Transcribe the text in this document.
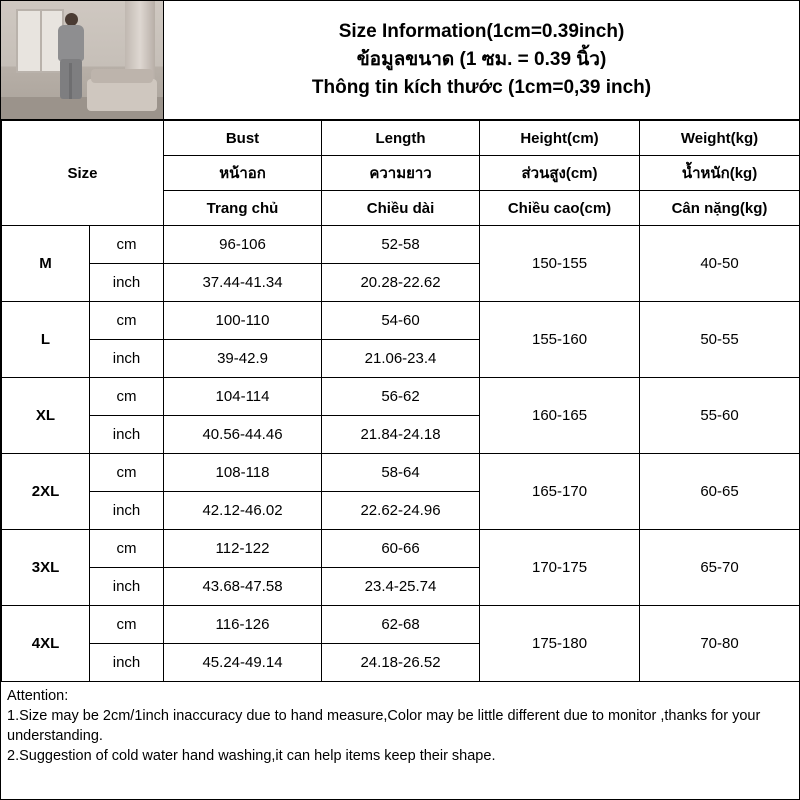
Size Information(1cm=0.39inch)
ข้อมูลขนาด (1 ซม. = 0.39 นิ้ว)
Thông tin kích thước (1cm=0,39 inch)
Size		Bust	Length	Height(cm)	Weight(kg)
		หน้าอก	ความยาว	ส่วนสูง(cm)	น้ำหนัก(kg)
		Trang chủ	Chiều dài	Chiều cao(cm)	Cân nặng(kg)
M	cm	96-106	52-58	150-155	40-50
	inch	37.44-41.34	20.28-22.62		
L	cm	100-110	54-60	155-160	50-55
	inch	39-42.9	21.06-23.4		
XL	cm	104-114	56-62	160-165	55-60
	inch	40.56-44.46	21.84-24.18		
2XL	cm	108-118	58-64	165-170	60-65
	inch	42.12-46.02	22.62-24.96		
3XL	cm	112-122	60-66	170-175	65-70
	inch	43.68-47.58	23.4-25.74		
4XL	cm	116-126	62-68	175-180	70-80
	inch	45.24-49.14	24.18-26.52		
Attention:
1.Size may be 2cm/1inch inaccuracy due to hand measure,Color may be little different due to monitor ,thanks for your understanding.
2.Suggestion of cold water hand washing,it can help items keep their shape.
